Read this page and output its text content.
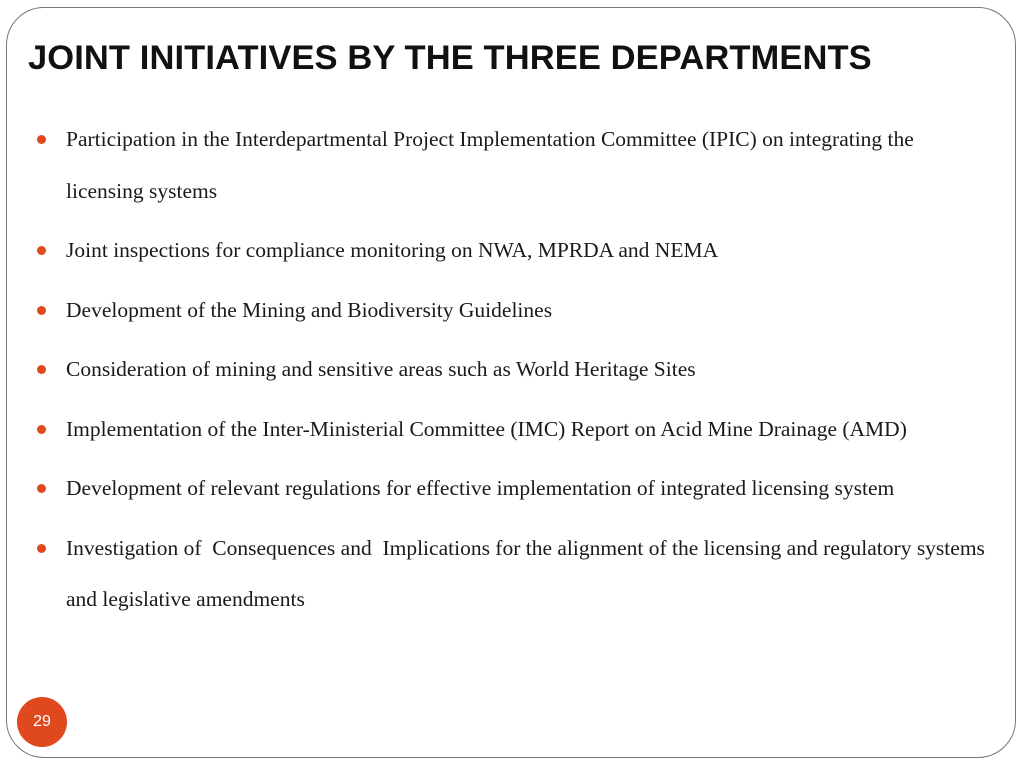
JOINT INITIATIVES BY THE THREE DEPARTMENTS
Participation in the Interdepartmental Project Implementation Committee (IPIC) on integrating the licensing systems
Joint inspections for compliance monitoring on NWA, MPRDA and NEMA
Development of the Mining and Biodiversity Guidelines
Consideration of mining and sensitive areas such as World Heritage Sites
Implementation of the Inter-Ministerial Committee (IMC) Report on Acid Mine Drainage (AMD)
Development of relevant regulations for effective implementation of integrated licensing system
Investigation of  Consequences and  Implications for the alignment of the licensing and regulatory systems and legislative amendments
29
